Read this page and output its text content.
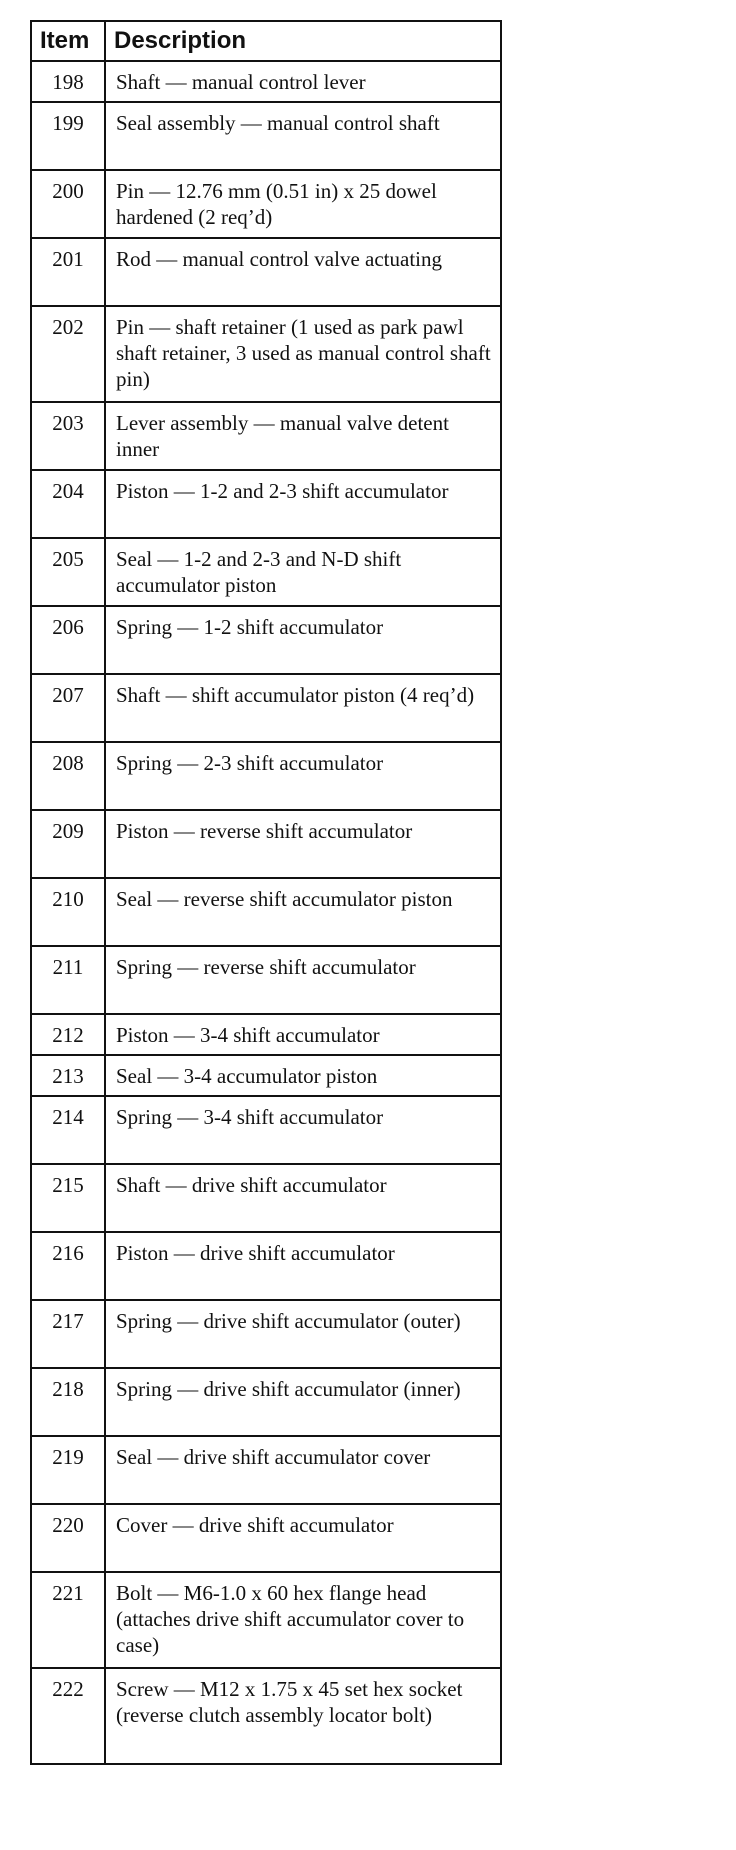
Item	Description
198	Shaft — manual control lever
199	Seal assembly — manual control shaft
200	Pin — 12.76 mm (0.51 in) x 25 dowel hardened (2 req’d)
201	Rod — manual control valve actuating
202	Pin — shaft retainer (1 used as park pawl shaft retainer, 3 used as manual control shaft pin)
203	Lever assembly — manual valve detent inner
204	Piston — 1-2 and 2-3 shift accumulator
205	Seal — 1-2 and 2-3 and N-D shift accumulator piston
206	Spring — 1-2 shift accumulator
207	Shaft — shift accumulator piston (4 req’d)
208	Spring — 2-3 shift accumulator
209	Piston — reverse shift accumulator
210	Seal — reverse shift accumulator piston
211	Spring — reverse shift accumulator
212	Piston — 3-4 shift accumulator
213	Seal — 3-4 accumulator piston
214	Spring — 3-4 shift accumulator
215	Shaft — drive shift accumulator
216	Piston — drive shift accumulator
217	Spring — drive shift accumulator (outer)
218	Spring — drive shift accumulator (inner)
219	Seal — drive shift accumulator cover
220	Cover — drive shift accumulator
221	Bolt — M6-1.0 x 60 hex flange head (attaches drive shift accumulator cover to case)
222	Screw — M12 x 1.75 x 45 set hex socket (reverse clutch assembly locator bolt)
